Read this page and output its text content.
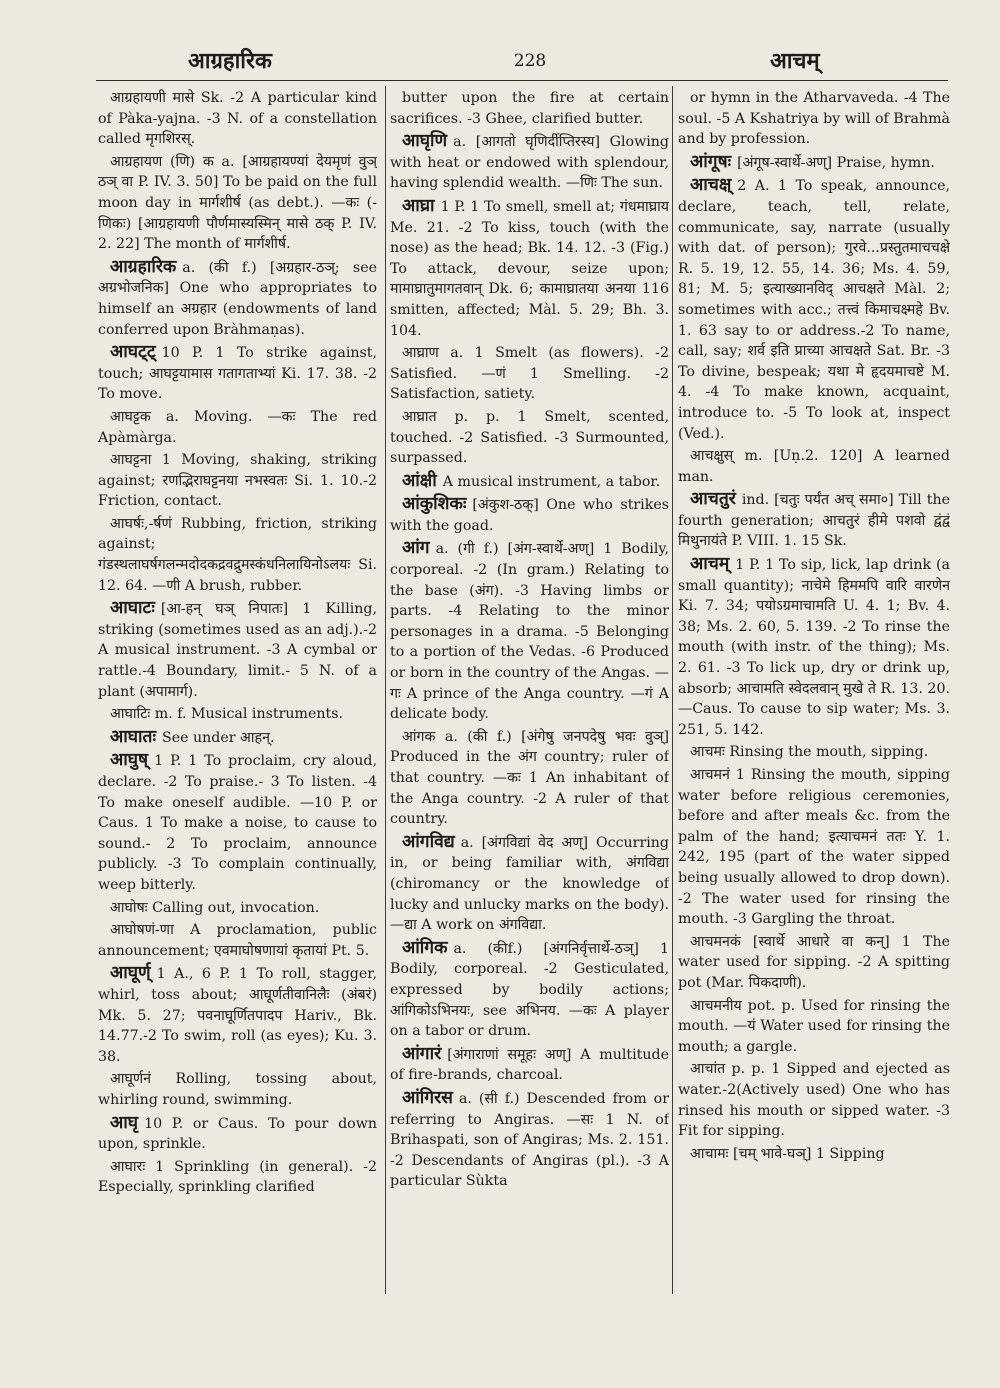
आग्रहारिक	228	आचम्

आग्रहायणी मासे Sk. -2 A particular kind of Pàka-yajna. -3 N. of a constellation called मृगशिरस्.

आग्रहायण (णि) क a. [आग्रहायण्यां देयमृणं वुञ् ठञ् वा P. IV. 3. 50] To be paid on the full moon day in मार्गशीर्ष (as debt.). —कः (-णिकः) [आग्रहायणी पौर्णमास्यस्मिन् मासे ठक् P. IV. 2. 22] The month of मार्गशीर्ष.

आग्रहारिक a. (की f.) [अग्रहार-ठञ्; see अग्रभोजनिक] One who appropriates to himself an अग्रहार (endowments of land conferred upon Bràhmaṇas).

आघट्ट् 10 P. 1 To strike against, touch; आघट्टयामास गतागताभ्यां Ki. 17. 38. -2 To move.

आघट्टक a. Moving. —कः The red Apàmàrga.

आघट्टना 1 Moving, shaking, striking against; रणद्भिराघट्टनया नभस्वतः Si. 1. 10.-2 Friction, contact.

आघर्षः,-र्षणं Rubbing, friction, striking against; गंडस्थलाघर्षगलन्मदोदकद्रवद्रुमस्कंधनिलायिनोऽलयः Si. 12. 64. —णी A brush, rubber.

आघाटः [आ-हन् घञ् निपातः] 1 Killing, striking (sometimes used as an adj.).-2 A musical instrument. -3 A cymbal or rattle.-4 Boundary, limit.- 5 N. of a plant (अपामार्ग).

आघाटिः m. f. Musical instruments.

आघातः See under आहन्.

आघुष् 1 P. 1 To proclaim, cry aloud, declare. -2 To praise.- 3 To listen. -4 To make oneself audible. —10 P. or Caus. 1 To make a noise, to cause to sound.- 2 To proclaim, announce publicly. -3 To complain continually, weep bitterly.

आघोषः Calling out, invocation.

आघोषणं-णा A proclamation, public announcement; एवमाघोषणायां कृतायां Pt. 5.

आघूर्ण् 1 A., 6 P. 1 To roll, stagger, whirl, toss about; आघूर्णतीवानिलैः (अंबरं) Mk. 5. 27; पवनाघूर्णितपादप Hariv., Bk. 14.77.-2 To swim, roll (as eyes); Ku. 3. 38.

आघूर्णनं Rolling, tossing about, whirling round, swimming.

आघृ 10 P. or Caus. To pour down upon, sprinkle.

आघारः 1 Sprinkling (in general). -2 Especially, sprinkling clarified

butter upon the fire at certain sacrifices. -3 Ghee, clarified butter.

आघृणि a. [आगतो घृणिर्दीप्तिरस्य] Glowing with heat or endowed with splendour, having splendid wealth. —णिः The sun.

आघ्रा 1 P. 1 To smell, smell at; गंधमाघ्राय Me. 21. -2 To kiss, touch (with the nose) as the head; Bk. 14. 12. -3 (Fig.) To attack, devour, seize upon; मामाघ्रातुमागतवान् Dk. 6; कामाघ्रातया अनया 116 smitten, affected; Màl. 5. 29; Bh. 3. 104.

आघ्राण a. 1 Smelt (as flowers). -2 Satisfied. —णं 1 Smelling. -2 Satisfaction, satiety.

आघ्रात p. p. 1 Smelt, scented, touched. -2 Satisfied. -3 Surmounted, surpassed.

आंक्षी A musical instrument, a tabor.

आंकुशिकः [अंकुश-ठक्] One who strikes with the goad.

आंग a. (गी f.) [अंग-स्वार्थे-अण्] 1 Bodily, corporeal. -2 (In gram.) Relating to the base (अंग). -3 Having limbs or parts. -4 Relating to the minor personages in a drama. -5 Belonging to a portion of the Vedas. -6 Produced or born in the country of the Angas. —गः A prince of the Anga country. —गं A delicate body.

आंगक a. (की f.) [अंगेषु जनपदेषु भवः वुञ्] Produced in the अंग country; ruler of that country. —कः 1 An inhabitant of the Anga country. -2 A ruler of that country.

आंगविद्य a. [अंगविद्यां वेद अण्] Occurring in, or being familiar with, अंगविद्या (chiromancy or the knowledge of lucky and unlucky marks on the body). —द्या A work on अंगविद्या.

आंगिक a. (कीf.) [अंगनिर्वृत्तार्थे-ठञ्] 1 Bodily, corporeal. -2 Gesticulated, expressed by bodily actions; आंगिकोऽभिनयः, see अभिनय. —कः A player on a tabor or drum.

आंगारं [अंगाराणां समूहः अण्] A multitude of fire-brands, charcoal.

आंगिरस a. (सी f.) Descended from or referring to Angiras. —सः 1 N. of Brihaspati, son of Angiras; Ms. 2. 151. -2 Descendants of Angiras (pl.). -3 A particular Sùkta

or hymn in the Atharvaveda. -4 The soul. -5 A Kshatriya by will of Brahmà and by profession.

आंगूषः [अंगूष-स्वार्थे-अण्] Praise, hymn.

आचक्ष् 2 A. 1 To speak, announce, declare, teach, tell, relate, communicate, say, narrate (usually with dat. of person); गुरवे...प्रस्तुतमाचचक्षे R. 5. 19, 12. 55, 14. 36; Ms. 4. 59, 81; M. 5; इत्याख्यानविद् आचक्षते Màl. 2; sometimes with acc.; तत्त्वं किमाचक्ष्महे Bv. 1. 63 say to or address.-2 To name, call, say; शर्व इति प्राच्या आचक्षते Sat. Br. -3 To divine, bespeak; यथा मे हृदयमाचष्टे M. 4. -4 To make known, acquaint, introduce to. -5 To look at, inspect (Ved.).

आचक्षुस् m. [Uṇ.2. 120] A learned man.

आचतुरं ind. [चतुः पर्यंत अच् समा०] Till the fourth generation; आचतुरं हीमे पशवो द्वंद्वं मिथुनायंते P. VIII. 1. 15 Sk.

आचम् 1 P. 1 To sip, lick, lap drink (a small quantity); नाचेमे हिममपि वारि वारणेन Ki. 7. 34; पयोऽग्रमाचामति U. 4. 1; Bv. 4. 38; Ms. 2. 60, 5. 139. -2 To rinse the mouth (with instr. of the thing); Ms. 2. 61. -3 To lick up, dry or drink up, absorb; आचामति स्वेदलवान् मुखे ते R. 13. 20. —Caus. To cause to sip water; Ms. 3. 251, 5. 142.

आचमः Rinsing the mouth, sipping.

आचमनं 1 Rinsing the mouth, sipping water before religious ceremonies, before and after meals &c. from the palm of the hand; इत्याचमनं ततः Y. 1. 242, 195 (part of the water sipped being usually allowed to drop down). -2 The water used for rinsing the mouth. -3 Gargling the throat.

आचमनकं [स्वार्थे आधारे वा कन्] 1 The water used for sipping. -2 A spitting pot (Mar. पिकदाणी).

आचमनीय pot. p. Used for rinsing the mouth. —यं Water used for rinsing the mouth; a gargle.

आचांत p. p. 1 Sipped and ejected as water.-2(Actively used) One who has rinsed his mouth or sipped water. -3 Fit for sipping.

आचामः [चम् भावे-घञ्] 1 Sipping
